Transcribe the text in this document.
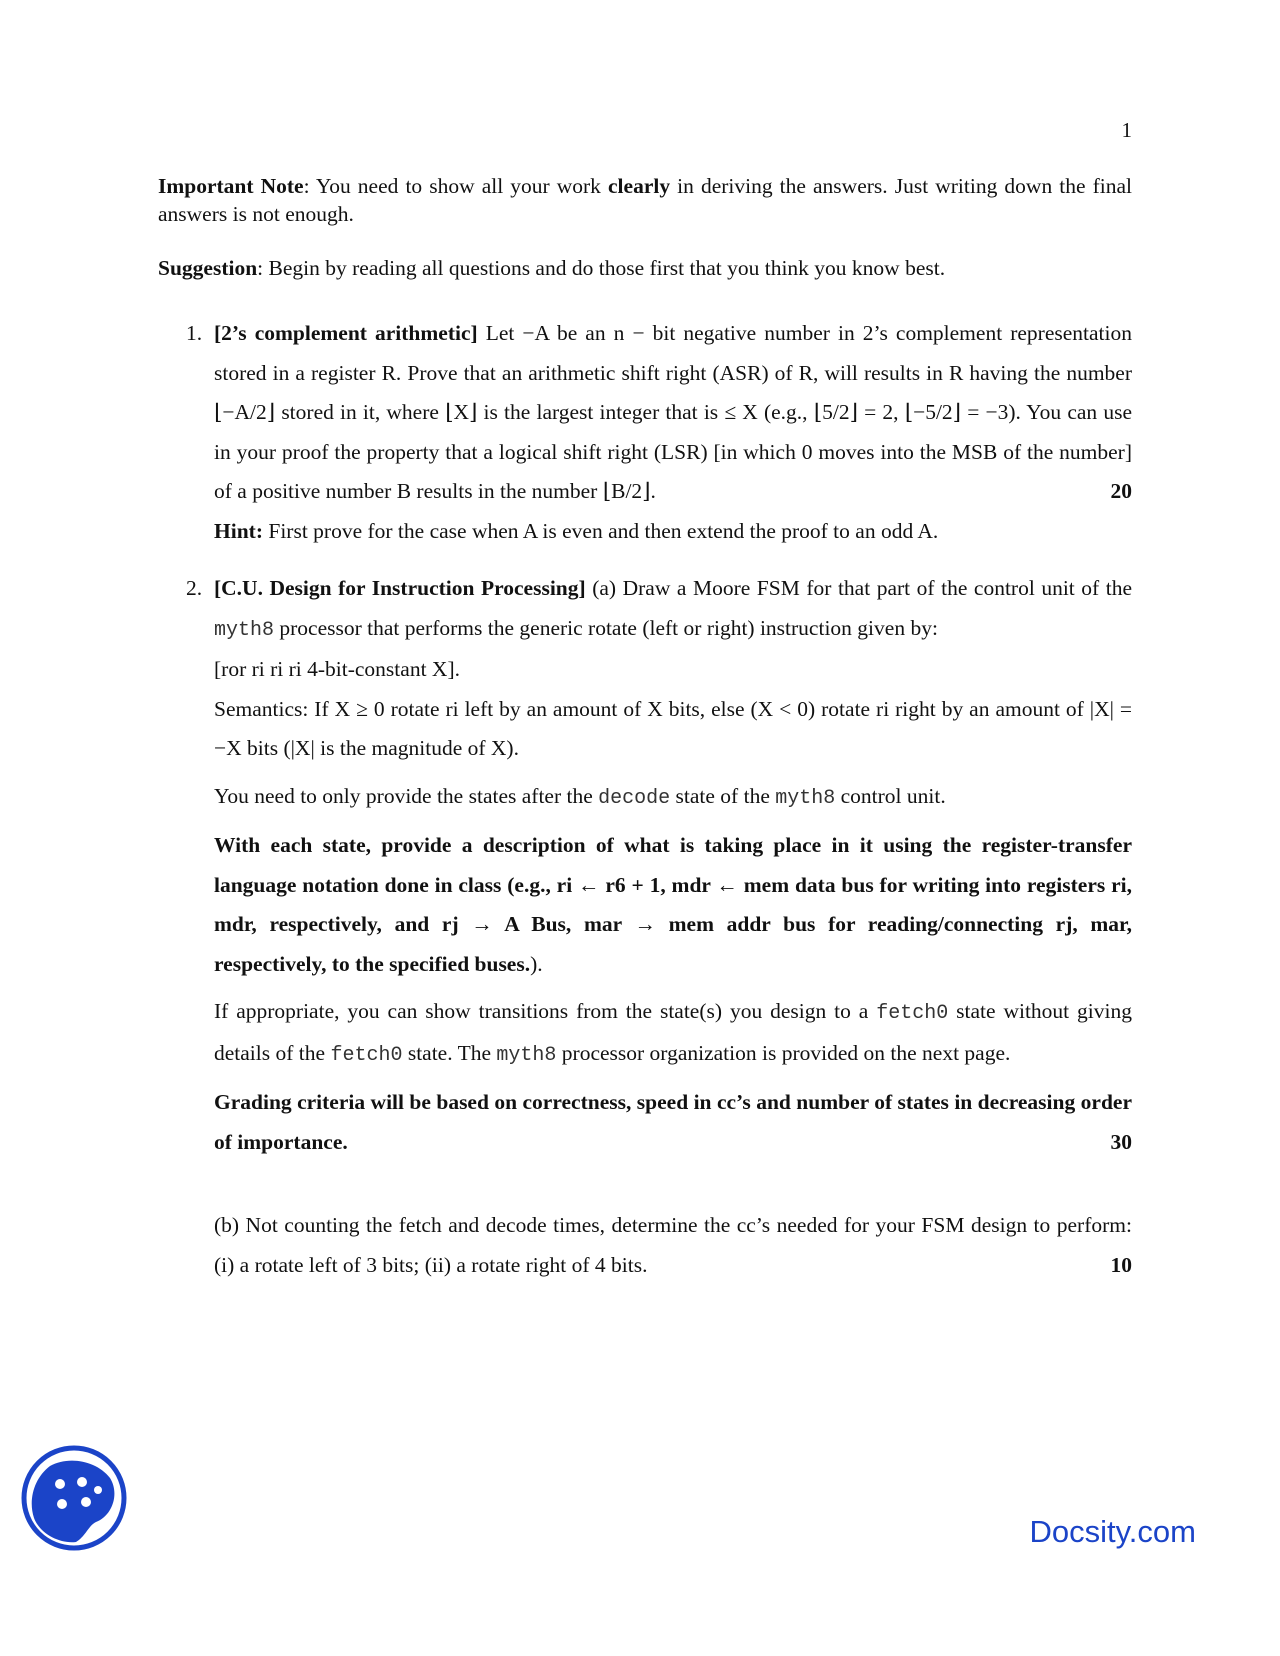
1

Important Note: You need to show all your work clearly in deriving the answers. Just writing down the final answers is not enough.

Suggestion: Begin by reading all questions and do those first that you think you know best.

1. [2’s complement arithmetic] Let −A be an n − bit negative number in 2’s complement representation stored in a register R. Prove that an arithmetic shift right (ASR) of R, will results in R having the number ⌊−A/2⌋ stored in it, where ⌊X⌋ is the largest integer that is ≤ X (e.g., ⌊5/2⌋ = 2, ⌊−5/2⌋ = −3). You can use in your proof the property that a logical shift right (LSR) [in which 0 moves into the MSB of the number] of a positive number B results in the number ⌊B/2⌋.	20

Hint: First prove for the case when A is even and then extend the proof to an odd A.

2. [C.U. Design for Instruction Processing] (a) Draw a Moore FSM for that part of the control unit of the myth8 processor that performs the generic rotate (left or right) instruction given by:

[ror ri ri ri 4-bit-constant X].

Semantics: If X ≥ 0 rotate ri left by an amount of X bits, else (X < 0) rotate ri right by an amount of |X| = −X bits (|X| is the magnitude of X).

You need to only provide the states after the decode state of the myth8 control unit.

With each state, provide a description of what is taking place in it using the register-transfer language notation done in class (e.g., ri ← r6 + 1, mdr ← mem data bus for writing into registers ri, mdr, respectively, and rj → A Bus, mar → mem addr bus for reading/connecting rj, mar, respectively, to the specified buses.).

If appropriate, you can show transitions from the state(s) you design to a fetch0 state without giving details of the fetch0 state. The myth8 processor organization is provided on the next page.

Grading criteria will be based on correctness, speed in cc’s and number of states in decreasing order of importance.	30

(b) Not counting the fetch and decode times, determine the cc’s needed for your FSM design to perform: (i) a rotate left of 3 bits; (ii) a rotate right of 4 bits.	10

Docsity.com
